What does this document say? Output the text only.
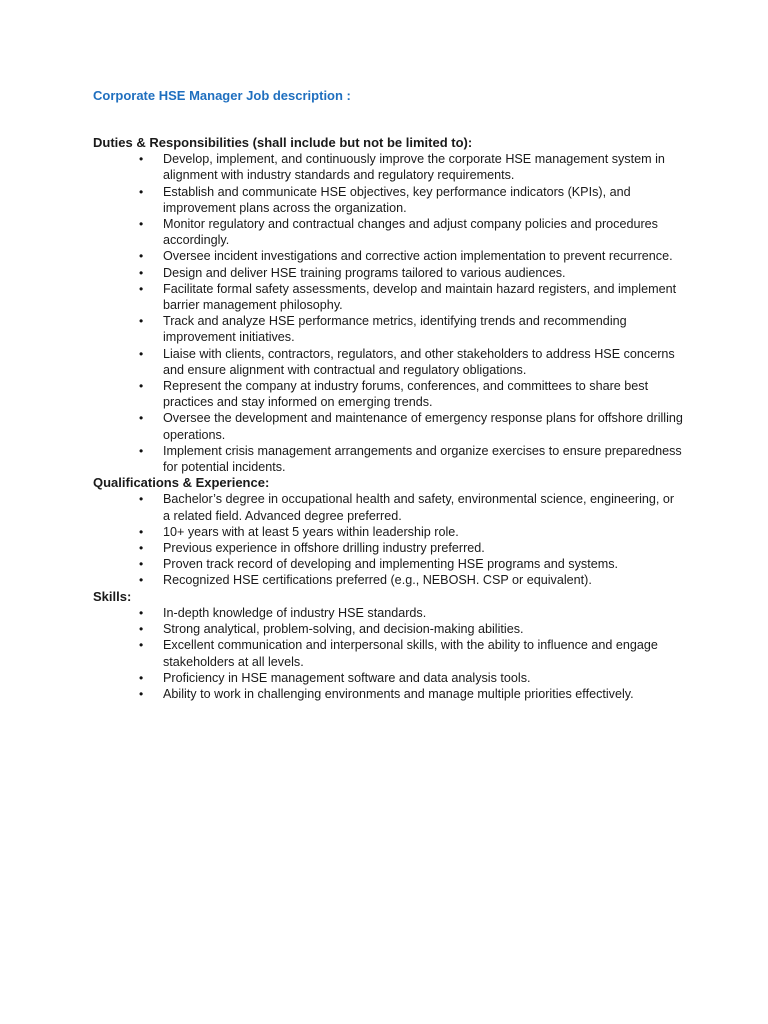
Corporate HSE Manager Job description :
Duties & Responsibilities (shall include but not be limited to):
• Develop, implement, and continuously improve the corporate HSE management system in alignment with industry standards and regulatory requirements.
• Establish and communicate HSE objectives, key performance indicators (KPIs), and improvement plans across the organization.
• Monitor regulatory and contractual changes and adjust company policies and procedures accordingly.
• Oversee incident investigations and corrective action implementation to prevent recurrence.
• Design and deliver HSE training programs tailored to various audiences.
• Facilitate formal safety assessments, develop and maintain hazard registers, and implement barrier management philosophy.
• Track and analyze HSE performance metrics, identifying trends and recommending improvement initiatives.
• Liaise with clients, contractors, regulators, and other stakeholders to address HSE concerns and ensure alignment with contractual and regulatory obligations.
• Represent the company at industry forums, conferences, and committees to share best practices and stay informed on emerging trends.
• Oversee the development and maintenance of emergency response plans for offshore drilling operations.
• Implement crisis management arrangements and organize exercises to ensure preparedness for potential incidents.
Qualifications & Experience:
• Bachelor’s degree in occupational health and safety, environmental science, engineering, or a related field. Advanced degree preferred.
• 10+ years with at least 5 years within leadership role.
• Previous experience in offshore drilling industry preferred.
• Proven track record of developing and implementing HSE programs and systems.
• Recognized HSE certifications preferred (e.g., NEBOSH. CSP or equivalent).
Skills:
• In-depth knowledge of industry HSE standards.
• Strong analytical, problem-solving, and decision-making abilities.
• Excellent communication and interpersonal skills, with the ability to influence and engage stakeholders at all levels.
• Proficiency in HSE management software and data analysis tools.
• Ability to work in challenging environments and manage multiple priorities effectively.
